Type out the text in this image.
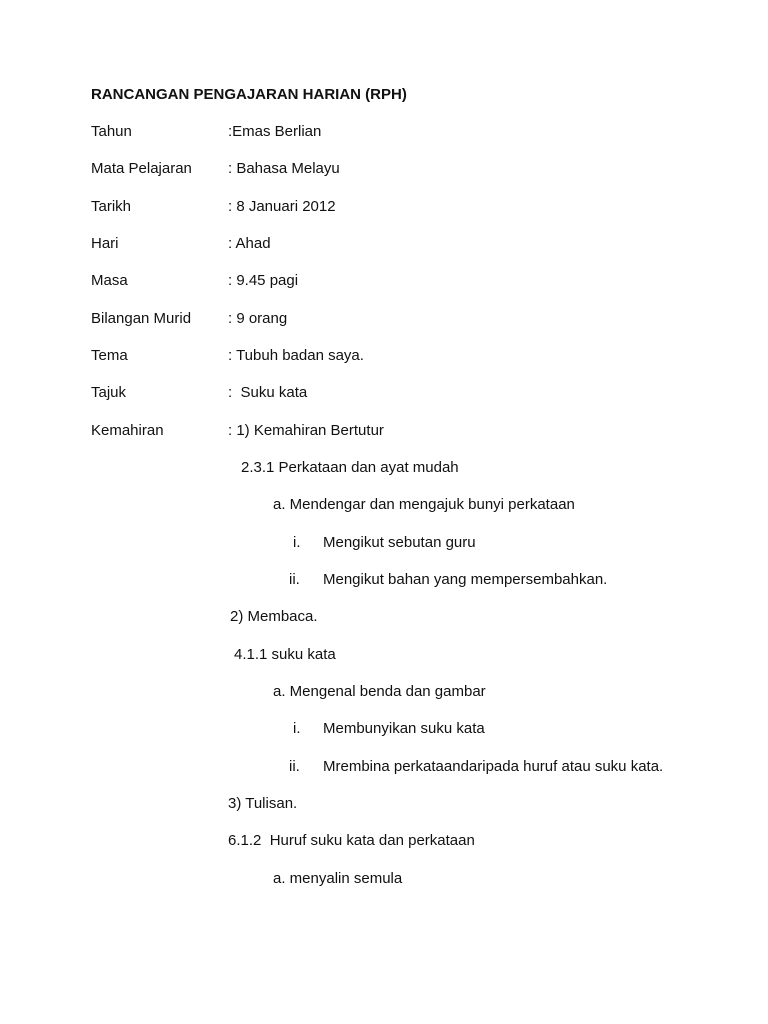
RANCANGAN PENGAJARAN HARIAN (RPH)
Tahun	:Emas Berlian
Mata Pelajaran : Bahasa Melayu
Tarikh	: 8 Januari 2012
Hari	: Ahad
Masa	: 9.45 pagi
Bilangan Murid : 9 orang
Tema	: Tubuh badan saya.
Tajuk	:  Suku kata
Kemahiran	: 1) Kemahiran Bertutur
2.3.1 Perkataan dan ayat mudah
a. Mendengar dan mengajuk bunyi perkataan
i. Mengikut sebutan guru
ii. Mengikut bahan yang mempersembahkan.
2) Membaca.
4.1.1 suku kata
a. Mengenal benda dan gambar
i. Membunyikan suku kata
ii. Mrembina perkataandaripada huruf atau suku kata.
3) Tulisan.
6.1.2  Huruf suku kata dan perkataan
a. menyalin semula
